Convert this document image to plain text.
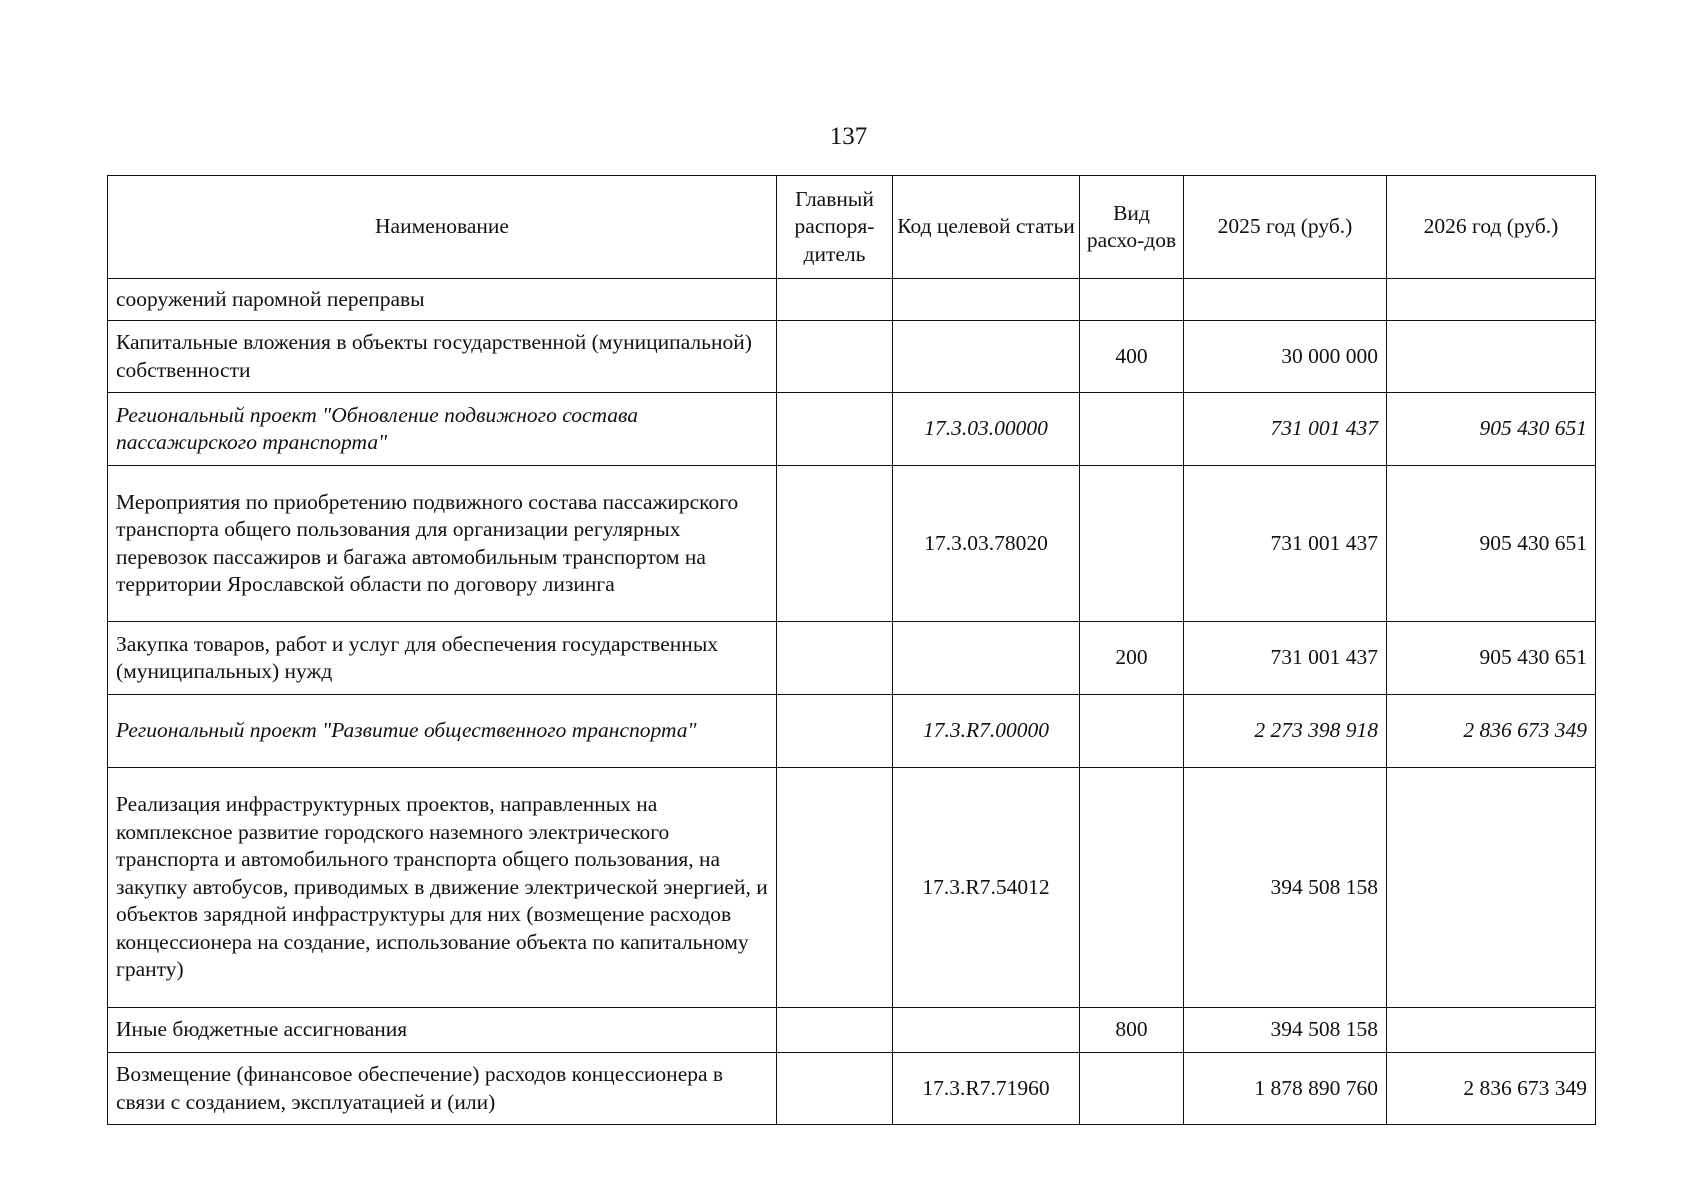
137
Наименование	Главный распоря-дитель	Код целевой статьи	Вид расхо-дов	2025 год (руб.)	2026 год (руб.)
сооружений паромной переправы					
Капитальные вложения в объекты государственной (муниципальной) собственности			400	30 000 000	
Региональный проект "Обновление подвижного состава пассажирского транспорта"		17.3.03.00000		731 001 437	905 430 651
Мероприятия по приобретению подвижного состава пассажирского транспорта общего пользования для организации регулярных перевозок пассажиров и багажа автомобильным транспортом на территории Ярославской области по договору лизинга		17.3.03.78020		731 001 437	905 430 651
Закупка товаров, работ и услуг для обеспечения государственных (муниципальных) нужд			200	731 001 437	905 430 651
Региональный проект "Развитие общественного транспорта"		17.3.R7.00000		2 273 398 918	2 836 673 349
Реализация инфраструктурных проектов, направленных на комплексное развитие городского наземного электрического транспорта и автомобильного транспорта общего пользования, на закупку автобусов, приводимых в движение электрической энергией, и объектов зарядной инфраструктуры для них (возмещение расходов концессионера на создание, использование объекта по капитальному гранту)		17.3.R7.54012		394 508 158	
Иные бюджетные ассигнования			800	394 508 158	
Возмещение (финансовое обеспечение) расходов концессионера в связи с созданием, эксплуатацией и (или)		17.3.R7.71960		1 878 890 760	2 836 673 349
